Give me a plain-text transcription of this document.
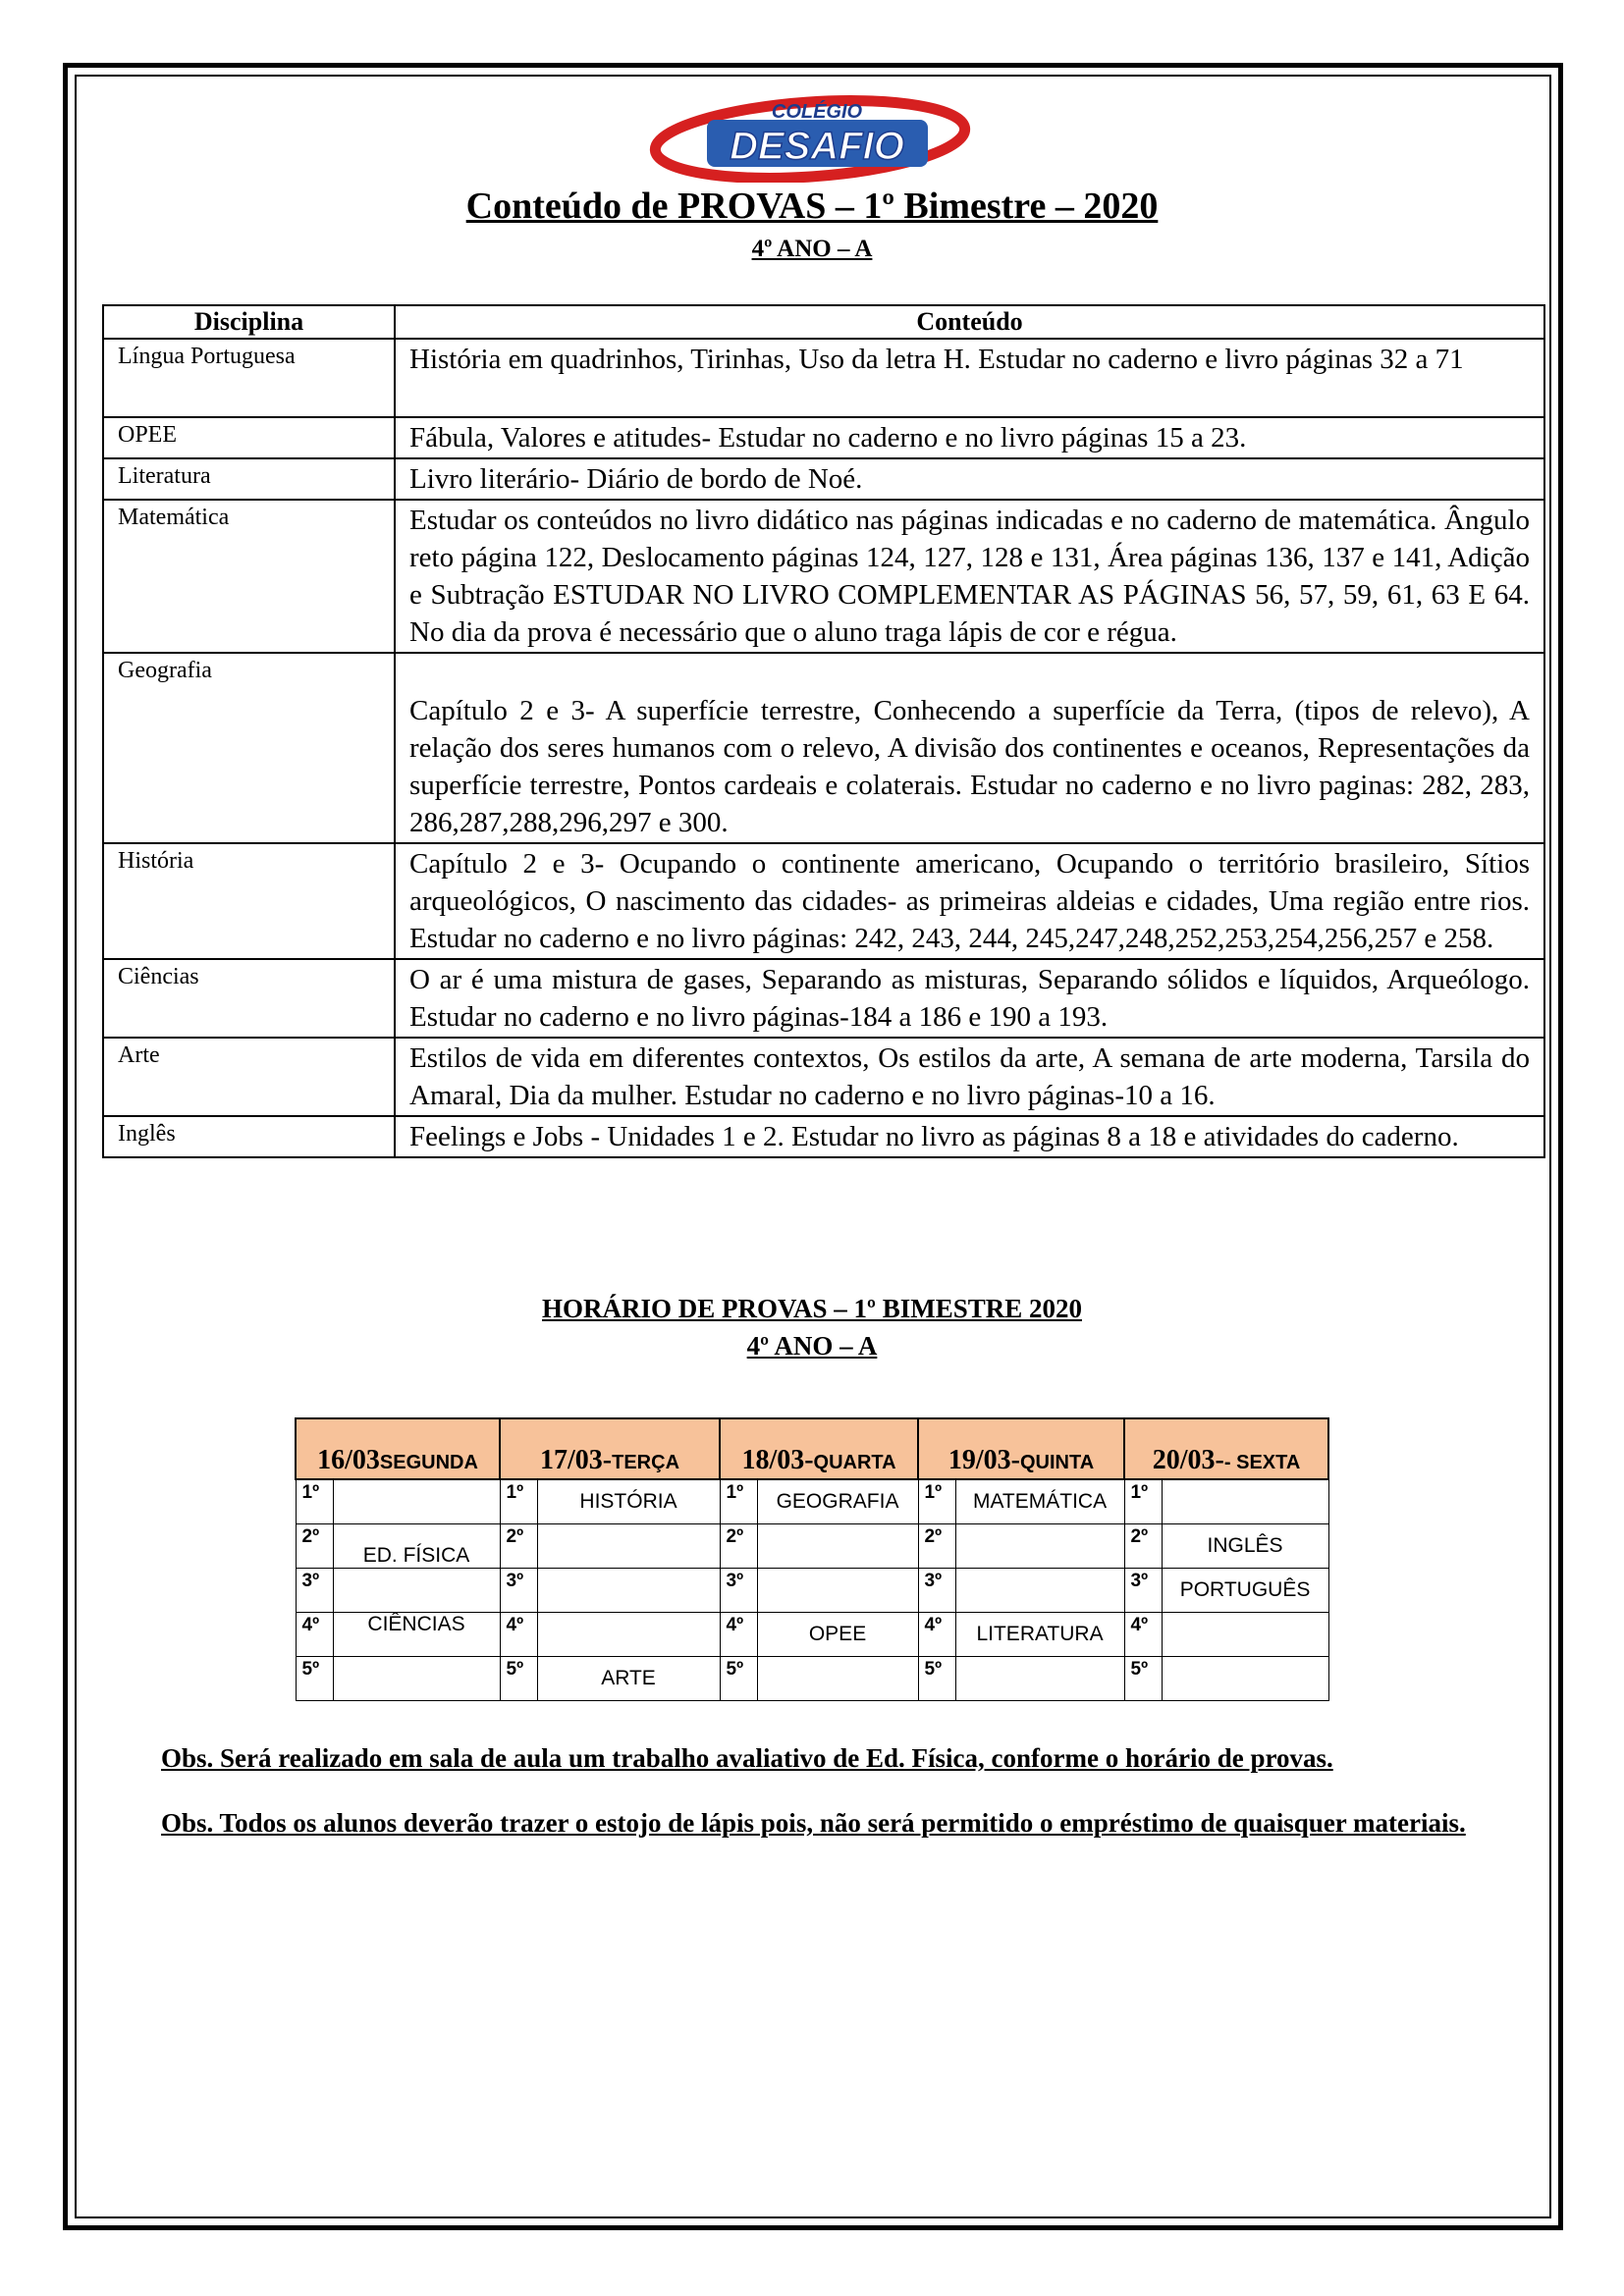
COLÉGIO
DESAFIO
Conteúdo de PROVAS – 1º Bimestre – 2020
4º ANO – A
Disciplina	Conteúdo
Língua Portuguesa	História em quadrinhos, Tirinhas, Uso da letra H. Estudar no caderno e livro páginas 32 a 71
OPEE	Fábula, Valores e atitudes- Estudar no caderno e no livro páginas 15 a 23.
Literatura	Livro literário- Diário de bordo de Noé.
Matemática	Estudar os conteúdos no livro didático nas páginas indicadas e no caderno de matemática. Ângulo reto página 122, Deslocamento páginas 124, 127, 128 e 131, Área páginas 136, 137 e 141, Adição e Subtração ESTUDAR NO LIVRO COMPLEMENTAR AS PÁGINAS 56, 57, 59, 61, 63 E 64. No dia da prova é necessário que o aluno traga lápis de cor e régua.
Geografia	Capítulo 2 e 3- A superfície terrestre, Conhecendo a superfície da Terra, (tipos de relevo), A relação dos seres humanos com o relevo, A divisão dos continentes e oceanos, Representações da superfície terrestre, Pontos cardeais e colaterais. Estudar no caderno e no livro paginas: 282, 283, 286,287,288,296,297 e 300.
História	Capítulo 2 e 3- Ocupando o continente americano, Ocupando o território brasileiro, Sítios arqueológicos, O nascimento das cidades- as primeiras aldeias e cidades, Uma região entre rios. Estudar no caderno e no livro páginas: 242, 243, 244, 245,247,248,252,253,254,256,257 e 258.
Ciências	O ar é uma mistura de gases, Separando as misturas, Separando sólidos e líquidos, Arqueólogo. Estudar no caderno e no livro páginas-184 a 186 e 190 a 193.
Arte	Estilos de vida em diferentes contextos, Os estilos da arte, A semana de arte moderna, Tarsila do Amaral, Dia da mulher. Estudar no caderno e no livro páginas-10 a 16.
Inglês	Feelings e Jobs - Unidades 1 e 2. Estudar no livro as páginas 8 a 18 e atividades do caderno.
HORÁRIO DE PROVAS – 1º BIMESTRE 2020
4º ANO – A
16/03SEGUNDA		17/03-TERÇA		18/03-QUARTA		19/03-QUINTA		20/03-- SEXTA	
1º		1º	HISTÓRIA	1º	GEOGRAFIA	1º	MATEMÁTICA	1º	
2º	ED. FÍSICA	2º		2º		2º		2º	INGLÊS
3º		3º		3º		3º		3º	PORTUGUÊS
4º	CIÊNCIAS	4º		4º	OPEE	4º	LITERATURA	4º	
5º		5º	ARTE	5º		5º		5º	
Obs. Será realizado em sala de aula um trabalho avaliativo de Ed. Física, conforme o horário de provas.
Obs. Todos os alunos deverão trazer o estojo de lápis pois, não será permitido o empréstimo de quaisquer materiais.
